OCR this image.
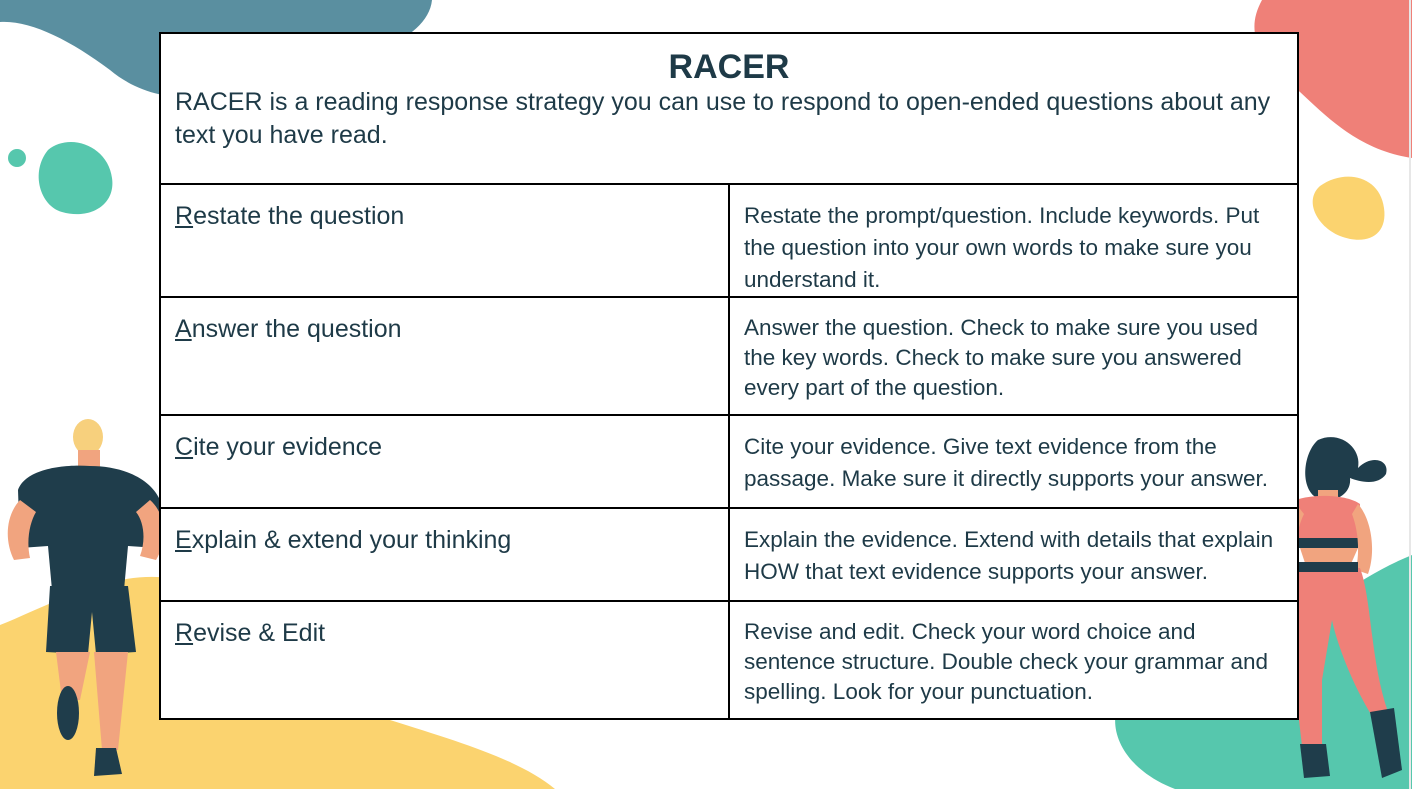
RACER

RACER is a reading response strategy you can use to respond to open-ended questions about any text you have read.	

Restate the question	Restate the prompt/question. Include keywords. Put the question into your own words to make sure you understand it.
Answer the question	Answer the question. Check to make sure you used the key words. Check to make sure you answered every part of the question.
Cite your evidence	Cite your evidence. Give text evidence from the passage. Make sure it directly supports your answer.
Explain & extend your thinking	Explain the evidence. Extend with details that explain HOW that text evidence supports your answer.
Revise & Edit	Revise and edit. Check your word choice and sentence structure. Double check your grammar and spelling. Look for your punctuation.
